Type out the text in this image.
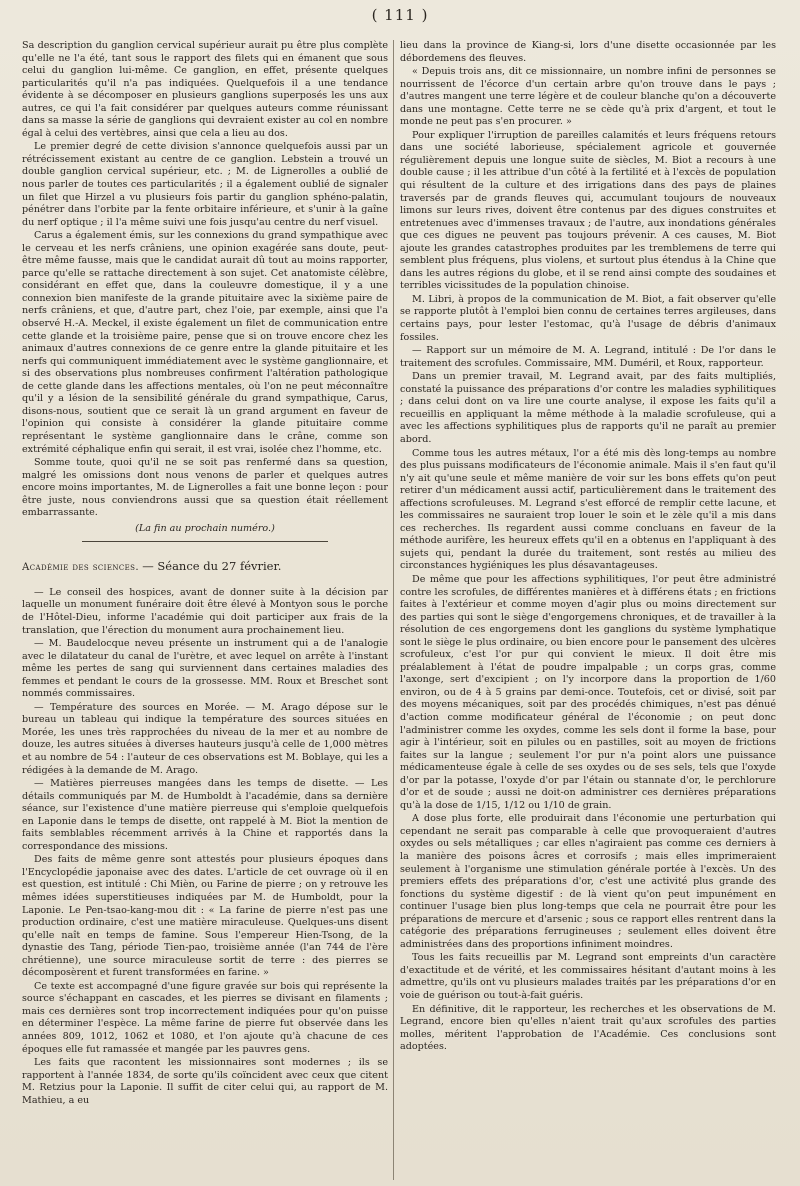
( 111 )

Sa description du ganglion cervical supérieur aurait pu être plus complète qu'elle ne l'a été, tant sous le rapport des filets qui en émanent que sous celui du ganglion lui-même. Ce ganglion, en effet, présente quelques particularités qu'il n'a pas indiquées. Quelquefois il a une tendance évidente à se décomposer en plusieurs ganglions superposés les uns aux autres, ce qui l'a fait considérer par quelques auteurs comme réunissant dans sa masse la série de ganglions qui devraient exister au col en nombre égal à celui des vertèbres, ainsi que cela a lieu au dos.

Le premier degré de cette division s'annonce quelquefois aussi par un rétrécissement existant au centre de ce ganglion. Lebstein a trouvé un double ganglion cervical supérieur, etc. ; M. de Lignerolles a oublié de nous parler de toutes ces particularités ; il a également oublié de signaler un filet que Hirzel a vu plusieurs fois partir du ganglion sphéno-palatin, pénétrer dans l'orbite par la fente orbitaire inférieure, et s'unir à la gaîne du nerf optique ; il l'a même suivi une fois jusqu'au centre du nerf visuel.

Carus a également émis, sur les connexions du grand sympathique avec le cerveau et les nerfs crâniens, une opinion exagérée sans doute, peut-être même fausse, mais que le candidat aurait dû tout au moins rapporter, parce qu'elle se rattache directement à son sujet. Cet anatomiste célèbre, considérant en effet que, dans la couleuvre domestique, il y a une connexion bien manifeste de la grande pituitaire avec la sixième paire de nerfs crâniens, et que, d'autre part, chez l'oie, par exemple, ainsi que l'a observé H.-A. Meckel, il existe également un filet de communication entre cette glande et la troisième paire, pense que si on trouve encore chez les animaux d'autres connexions de ce genre entre la glande pituitaire et les nerfs qui communiquent immédiatement avec le système ganglionnaire, et si des observations plus nombreuses confirment l'altération pathologique de cette glande dans les affections mentales, où l'on ne peut méconnaître qu'il y a lésion de la sensibilité générale du grand sympathique, Carus, disons-nous, soutient que ce serait là un grand argument en faveur de l'opinion qui consiste à considérer la glande pituitaire comme représentant le système ganglionnaire dans le crâne, comme son extrémité céphalique enfin qui serait, il est vrai, isolée chez l'homme, etc.

Somme toute, quoi qu'il ne se soit pas renfermé dans sa question, malgré les omissions dont nous venons de parler et quelques autres encore moins importantes, M. de Lignerolles a fait une bonne leçon : pour être juste, nous conviendrons aussi que sa question était réellement embarrassante.

(La fin au prochain numéro.)

Académie des sciences. — Séance du 27 février.

— Le conseil des hospices, avant de donner suite à la décision par laquelle un monument funéraire doit être élevé à Montyon sous le porche de l'Hôtel-Dieu, informe l'académie qui doit participer aux frais de la translation, que l'érection du monument aura prochainement lieu.

— M. Baudelocque neveu présente un instrument qui a de l'analogie avec le dilatateur du canal de l'urètre, et avec lequel on arrête à l'instant même les pertes de sang qui surviennent dans certaines maladies des femmes et pendant le cours de la grossesse. MM. Roux et Breschet sont nommés commissaires.

— Température des sources en Morée. — M. Arago dépose sur le bureau un tableau qui indique la température des sources situées en Morée, les unes très rapprochées du niveau de la mer et au nombre de douze, les autres situées à diverses hauteurs jusqu'à celle de 1,000 mètres et au nombre de 54 : l'auteur de ces observations est M. Boblaye, qui les a rédigées à la demande de M. Arago.

— Matières pierreuses mangées dans les temps de disette. — Les détails communiqués par M. de Humboldt à l'académie, dans sa dernière séance, sur l'existence d'une matière pierreuse qui s'emploie quelquefois en Laponie dans le temps de disette, ont rappelé à M. Biot la mention de faits semblables récemment arrivés à la Chine et rapportés dans la correspondance des missions.

Des faits de même genre sont attestés pour plusieurs époques dans l'Encyclopédie japonaise avec des dates. L'article de cet ouvrage où il en est question, est intitulé : Chi Mièn, ou Farine de pierre ; on y retrouve les mêmes idées superstitieuses indiquées par M. de Humboldt, pour la Laponie. Le Pen-tsao-kang-mou dit : « La farine de pierre n'est pas une production ordinaire, c'est une matière miraculeuse. Quelques-uns disent qu'elle naît en temps de famine. Sous l'empereur Hien-Tsong, de la dynastie des Tang, période Tien-pao, troisième année (l'an 744 de l'ère chrétienne), une source miraculeuse sortit de terre : des pierres se décomposèrent et furent transformées en farine. »

Ce texte est accompagné d'une figure gravée sur bois qui représente la source s'échappant en cascades, et les pierres se divisant en filaments ; mais ces dernières sont trop incorrectement indiquées pour qu'on puisse en déterminer l'espèce. La même farine de pierre fut observée dans les années 809, 1012, 1062 et 1080, et l'on ajoute qu'à chacune de ces époques elle fut ramassée et mangée par les pauvres gens.

Les faits que racontent les missionnaires sont modernes ; ils se rapportent à l'année 1834, de sorte qu'ils coïncident avec ceux que citent M. Retzius pour la Laponie. Il suffit de citer celui qui, au rapport de M. Mathieu, a eu

lieu dans la province de Kiang-si, lors d'une disette occasionnée par les débordemens des fleuves.

« Depuis trois ans, dit ce missionnaire, un nombre infini de personnes se nourrissent de l'écorce d'un certain arbre qu'on trouve dans le pays ; d'autres mangent une terre légère et de couleur blanche qu'on a découverte dans une montagne. Cette terre ne se cède qu'à prix d'argent, et tout le monde ne peut pas s'en procurer. »

Pour expliquer l'irruption de pareilles calamités et leurs fréquens retours dans une société laborieuse, spécialement agricole et gouvernée régulièrement depuis une longue suite de siècles, M. Biot a recours à une double cause ; il les attribue d'un côté à la fertilité et à l'excès de population qui résultent de la culture et des irrigations dans des pays de plaines traversés par de grands fleuves qui, accumulant toujours de nouveaux limons sur leurs rives, doivent être contenus par des digues construites et entretenues avec d'immenses travaux ; de l'autre, aux inondations générales que ces digues ne peuvent pas toujours prévenir. A ces causes, M. Biot ajoute les grandes catastrophes produites par les tremblemens de terre qui semblent plus fréquens, plus violens, et surtout plus étendus à la Chine que dans les autres régions du globe, et il se rend ainsi compte des soudaines et terribles vicissitudes de la population chinoise.

M. Libri, à propos de la communication de M. Biot, a fait observer qu'elle se rapporte plutôt à l'emploi bien connu de certaines terres argileuses, dans certains pays, pour lester l'estomac, qu'à l'usage de débris d'animaux fossiles.

— Rapport sur un mémoire de M. A. Legrand, intitulé : De l'or dans le traitement des scrofules. Commissaire, MM. Duméril, et Roux, rapporteur.

Dans un premier travail, M. Legrand avait, par des faits multipliés, constaté la puissance des préparations d'or contre les maladies syphilitiques ; dans celui dont on va lire une courte analyse, il expose les faits qu'il a recueillis en appliquant la même méthode à la maladie scrofuleuse, qui a avec les affections syphilitiques plus de rapports qu'il ne paraît au premier abord.

Comme tous les autres métaux, l'or a été mis dès long-temps au nombre des plus puissans modificateurs de l'économie animale. Mais il s'en faut qu'il n'y ait qu'une seule et même manière de voir sur les bons effets qu'on peut retirer d'un médicament aussi actif, particulièrement dans le traitement des affections scrofuleuses. M. Legrand s'est efforcé de remplir cette lacune, et les commissaires ne sauraient trop louer le soin et le zèle qu'il a mis dans ces recherches. Ils regardent aussi comme concluans en faveur de la méthode aurifère, les heureux effets qu'il en a obtenus en l'appliquant à des sujets qui, pendant la durée du traitement, sont restés au milieu des circonstances hygiéniques les plus désavantageuses.

De même que pour les affections syphilitiques, l'or peut être administré contre les scrofules, de différentes manières et à différens états ; en frictions faites à l'extérieur et comme moyen d'agir plus ou moins directement sur des parties qui sont le siège d'engorgemens chroniques, et de travailler à la résolution de ces engorgemens dont les ganglions du système lymphatique sont le siège le plus ordinaire, ou bien encore pour le pansement des ulcères scrofuleux, c'est l'or pur qui convient le mieux. Il doit être mis préalablement à l'état de poudre impalpable ; un corps gras, comme l'axonge, sert d'excipient ; on l'y incorpore dans la proportion de 1/60 environ, ou de 4 à 5 grains par demi-once. Toutefois, cet or divisé, soit par des moyens mécaniques, soit par des procédés chimiques, n'est pas dénué d'action comme modificateur général de l'économie ; on peut donc l'administrer comme les oxydes, comme les sels dont il forme la base, pour agir à l'intérieur, soit en pilules ou en pastilles, soit au moyen de frictions faites sur la langue ; seulement l'or pur n'a point alors une puissance médicamenteuse égale à celle de ses oxydes ou de ses sels, tels que l'oxyde d'or par la potasse, l'oxyde d'or par l'étain ou stannate d'or, le perchlorure d'or et de soude ; aussi ne doit-on administrer ces dernières préparations qu'à la dose de 1/15, 1/12 ou 1/10 de grain.

A dose plus forte, elle produirait dans l'économie une perturbation qui cependant ne serait pas comparable à celle que provoqueraient d'autres oxydes ou sels métalliques ; car elles n'agiraient pas comme ces derniers à la manière des poisons âcres et corrosifs ; mais elles imprimeraient seulement à l'organisme une stimulation générale portée à l'excès. Un des premiers effets des préparations d'or, c'est une activité plus grande des fonctions du système digestif : de là vient qu'on peut impunément en continuer l'usage bien plus long-temps que cela ne pourrait être pour les préparations de mercure et d'arsenic ; sous ce rapport elles rentrent dans la catégorie des préparations ferrugineuses ; seulement elles doivent être administrées dans des proportions infiniment moindres.

Tous les faits recueillis par M. Legrand sont empreints d'un caractère d'exactitude et de vérité, et les commissaires hésitant d'autant moins à les admettre, qu'ils ont vu plusieurs malades traités par les préparations d'or en voie de guérison ou tout-à-fait guéris.

En définitive, dit le rapporteur, les recherches et les observations de M. Legrand, encore bien qu'elles n'aient trait qu'aux scrofules des parties molles, méritent l'approbation de l'Académie. Ces conclusions sont adoptées.
